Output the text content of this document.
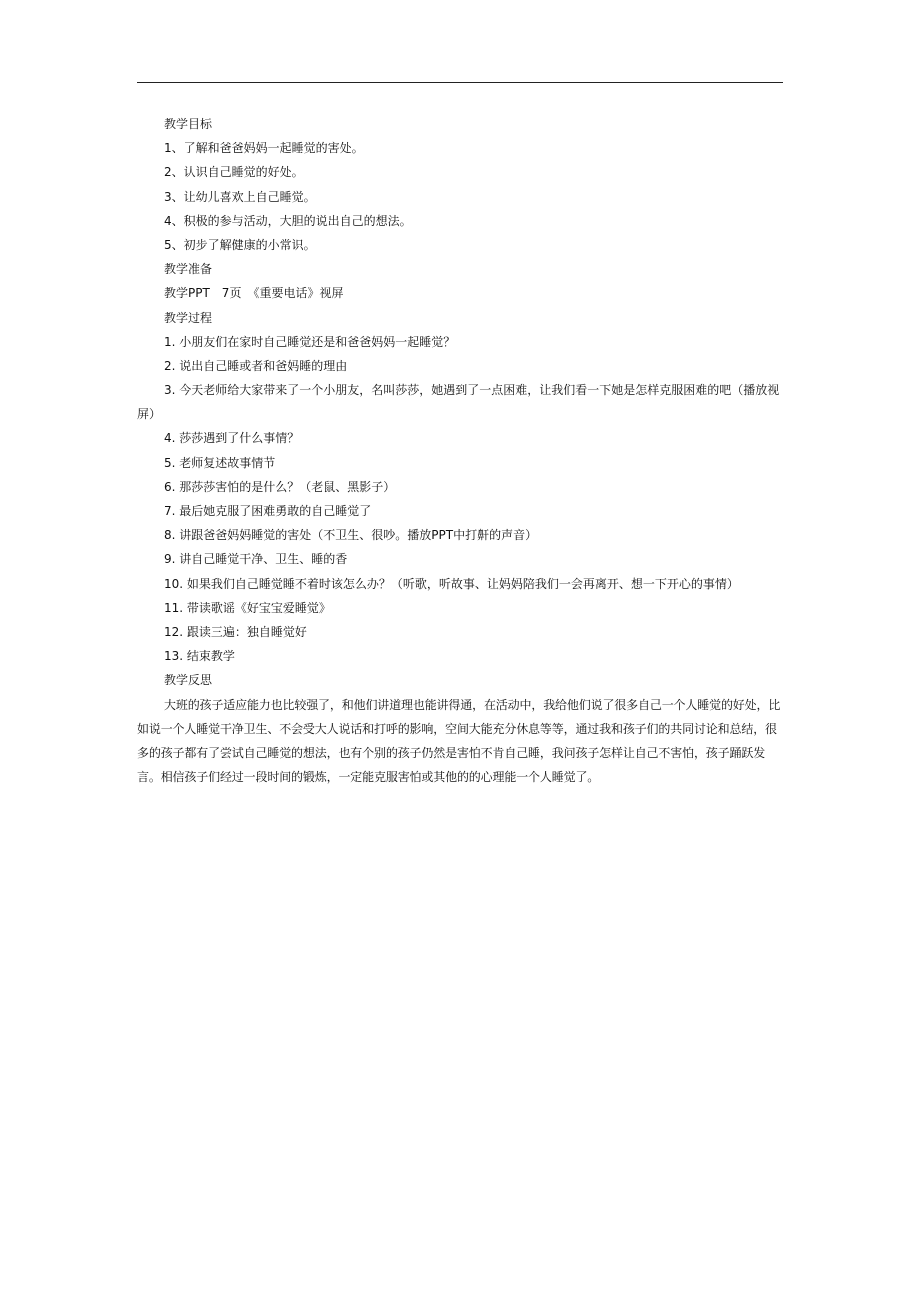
教学目标
1、了解和爸爸妈妈一起睡觉的害处。
2、认识自己睡觉的好处。
3、让幼儿喜欢上自己睡觉。
4、积极的参与活动，大胆的说出自己的想法。
5、初步了解健康的小常识。
教学准备
教学PPT　7页　《重要电话》视屏
教学过程
1. 小朋友们在家时自己睡觉还是和爸爸妈妈一起睡觉？
2. 说出自己睡或者和爸妈睡的理由
3. 今天老师给大家带来了一个小朋友，名叫莎莎，她遇到了一点困难，让我们看一下她是怎样克服困难的吧（播放视屏）
4. 莎莎遇到了什么事情？
5. 老师复述故事情节
6. 那莎莎害怕的是什么？（老鼠、黑影子）
7. 最后她克服了困难勇敢的自己睡觉了
8. 讲跟爸爸妈妈睡觉的害处（不卫生、很吵。播放PPT中打鼾的声音）
9. 讲自己睡觉干净、卫生、睡的香
10. 如果我们自己睡觉睡不着时该怎么办？（听歌，听故事、让妈妈陪我们一会再离开、想一下开心的事情）
11. 带读歌谣《好宝宝爱睡觉》
12. 跟读三遍：独自睡觉好
13. 结束教学
教学反思
大班的孩子适应能力也比较强了，和他们讲道理也能讲得通，在活动中，我给他们说了很多自己一个人睡觉的好处，比如说一个人睡觉干净卫生、不会受大人说话和打呼的影响，空间大能充分休息等等，通过我和孩子们的共同讨论和总结，很多的孩子都有了尝试自己睡觉的想法，也有个别的孩子仍然是害怕不肯自己睡，我问孩子怎样让自己不害怕，孩子踊跃发言。相信孩子们经过一段时间的锻炼，一定能克服害怕或其他的的心理能一个人睡觉了。
